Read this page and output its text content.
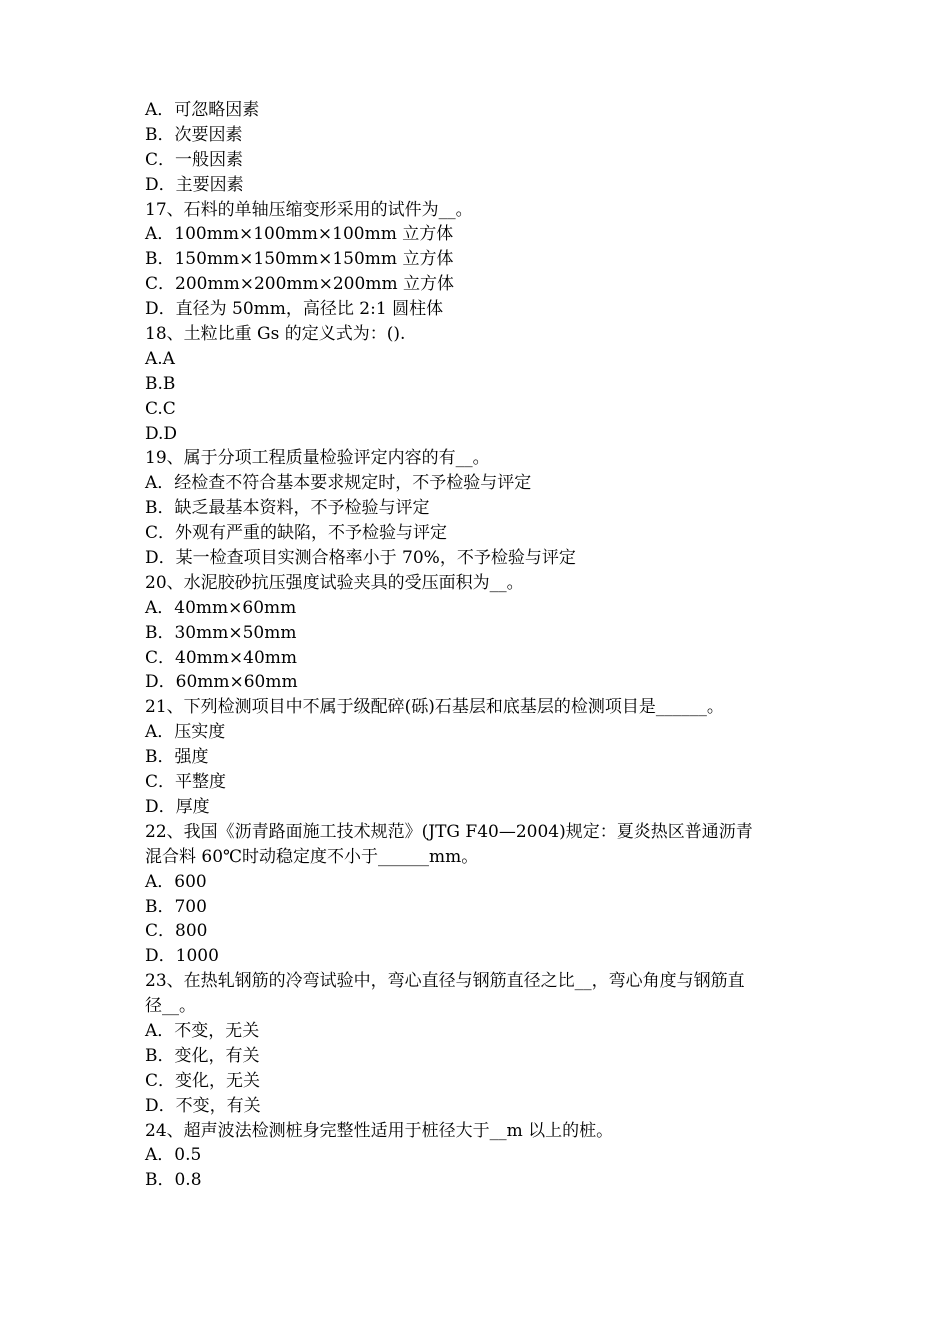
A．可忽略因素
B．次要因素
C．一般因素
D．主要因素
17、石料的单轴压缩变形采用的试件为__。
A．100mm×100mm×100mm 立方体
B．150mm×150mm×150mm 立方体
C．200mm×200mm×200mm 立方体
D．直径为 50mm，高径比 2:1 圆柱体
18、土粒比重 Gs 的定义式为：().
A.A
B.B
C.C
D.D
19、属于分项工程质量检验评定内容的有__。
A．经检查不符合基本要求规定时，不予检验与评定
B．缺乏最基本资料，不予检验与评定
C．外观有严重的缺陷，不予检验与评定
D．某一检查项目实测合格率小于 70%，不予检验与评定
20、水泥胶砂抗压强度试验夹具的受压面积为__。
A．40mm×60mm
B．30mm×50mm
C．40mm×40mm
D．60mm×60mm
21、下列检测项目中不属于级配碎(砾)石基层和底基层的检测项目是______。
A．压实度
B．强度
C．平整度
D．厚度
22、我国《沥青路面施工技术规范》(JTG F40—2004)规定：夏炎热区普通沥青
混合料 60℃时动稳定度不小于______mm。
A．600
B．700
C．800
D．1000
23、在热轧钢筋的冷弯试验中，弯心直径与钢筋直径之比__，弯心角度与钢筋直
径__。
A．不变，无关
B．变化，有关
C．变化，无关
D．不变，有关
24、超声波法检测桩身完整性适用于桩径大于__m 以上的桩。
A．0.5
B．0.8
